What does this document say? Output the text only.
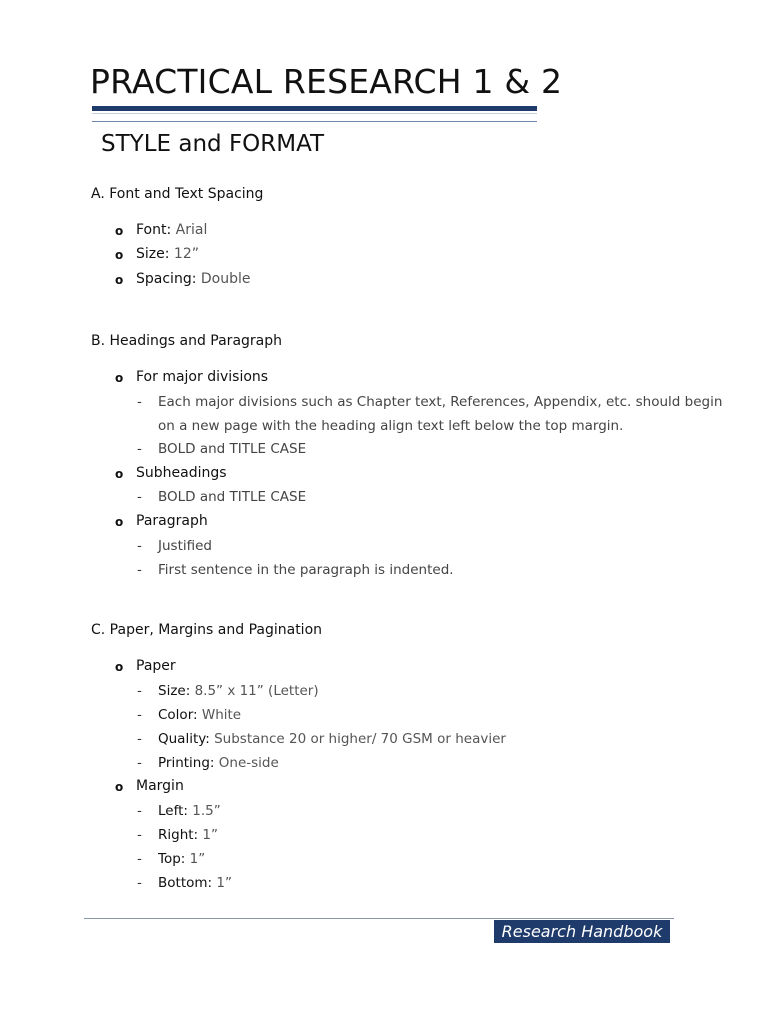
PRACTICAL RESEARCH 1 & 2
STYLE and FORMAT
A. Font and Text Spacing
o Font: Arial
o Size: 12”
o Spacing: Double
B. Headings and Paragraph
o For major divisions
- Each major divisions such as Chapter text, References, Appendix, etc. should begin
on a new page with the heading align text left below the top margin.
- BOLD and TITLE CASE
o Subheadings
- BOLD and TITLE CASE
o Paragraph
- Justified
- First sentence in the paragraph is indented.
C. Paper, Margins and Pagination
o Paper
- Size: 8.5” x 11” (Letter)
- Color: White
- Quality: Substance 20 or higher/ 70 GSM or heavier
- Printing: One-side
o Margin
- Left: 1.5”
- Right: 1”
- Top: 1”
- Bottom: 1”
Research Handbook
